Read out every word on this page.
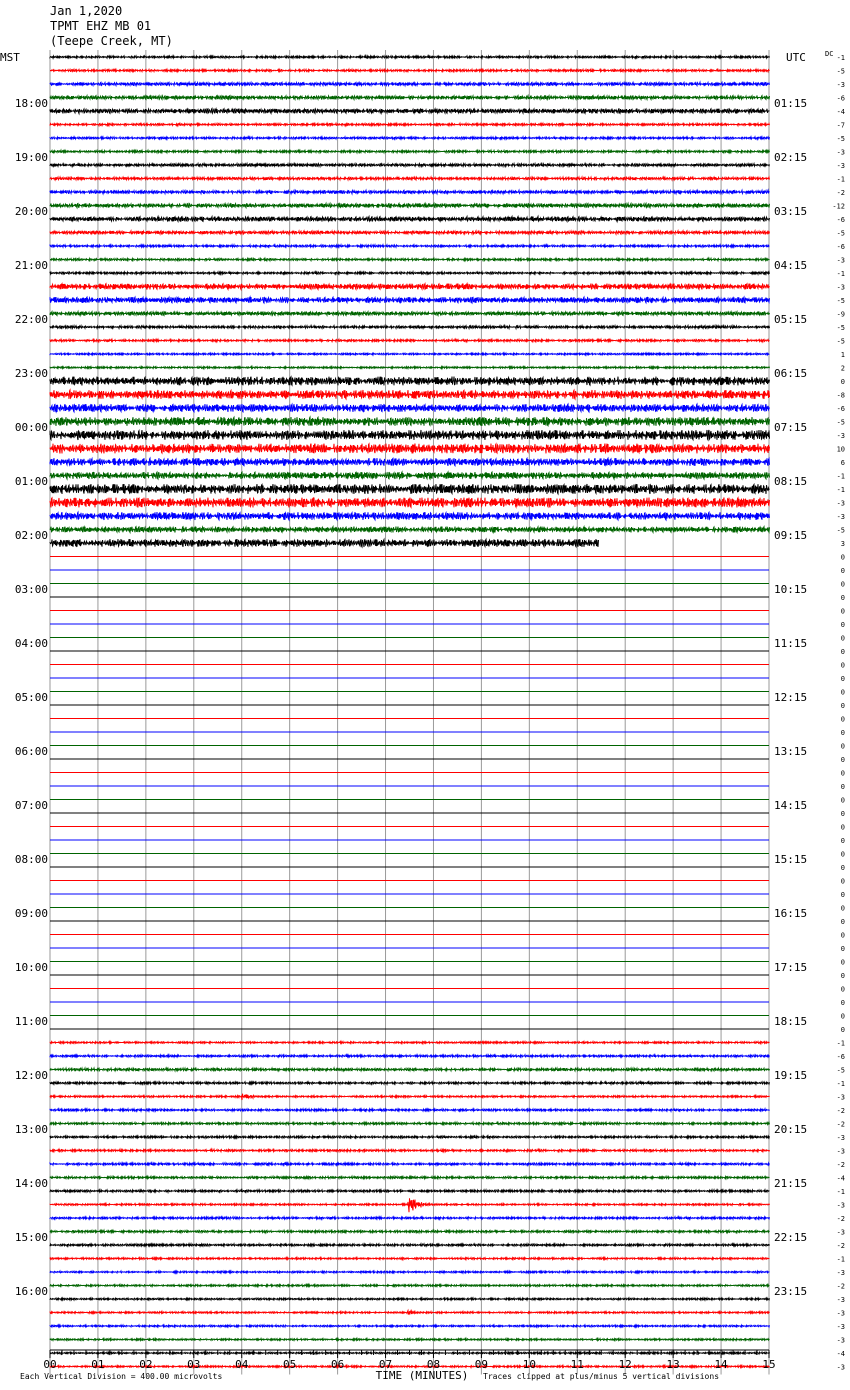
Jan 1,2020
TPMT EHZ MB 01
(Teepe Creek, MT)
-1
-5
-3
-6
-4
-7
-5
-3
-3
-1
-2
-12
-6
-5
-6
-3
-1
-3
-5
-9
-5
-5
1
2
0
-8
-6
-5
-3
10
6
-1
-1
-3
-3
-5
3
0
0
0
0
0
0
0
0
0
0
0
0
0
0
0
0
0
0
0
0
0
0
0
0
0
0
0
0
0
0
0
0
0
0
0
0
-1
-6
-5
-1
-3
-2
-2
-3
-3
-2
-4
-1
-3
-2
-3
-2
-1
-3
-2
-3
-3
-3
-3
-4
-3
18:00
19:00
20:00
21:00
22:00
23:00
00:00
01:00
02:00
03:00
04:00
05:00
06:00
07:00
08:00
09:00
10:00
11:00
12:00
13:00
14:00
15:00
16:00
01:15
02:15
03:15
04:15
05:15
06:15
07:15
08:15
09:15
10:15
11:15
12:15
13:15
14:15
15:15
16:15
17:15
18:15
19:15
20:15
21:15
22:15
23:15
MST	UTC	DC
00	01	02	03	04	05	06	07	08	09	10	11	12	13	14	15
TIME (MINUTES)
Each Vertical Division = 400.00 microvolts	Traces clipped at plus/minus 5 vertical divisions
